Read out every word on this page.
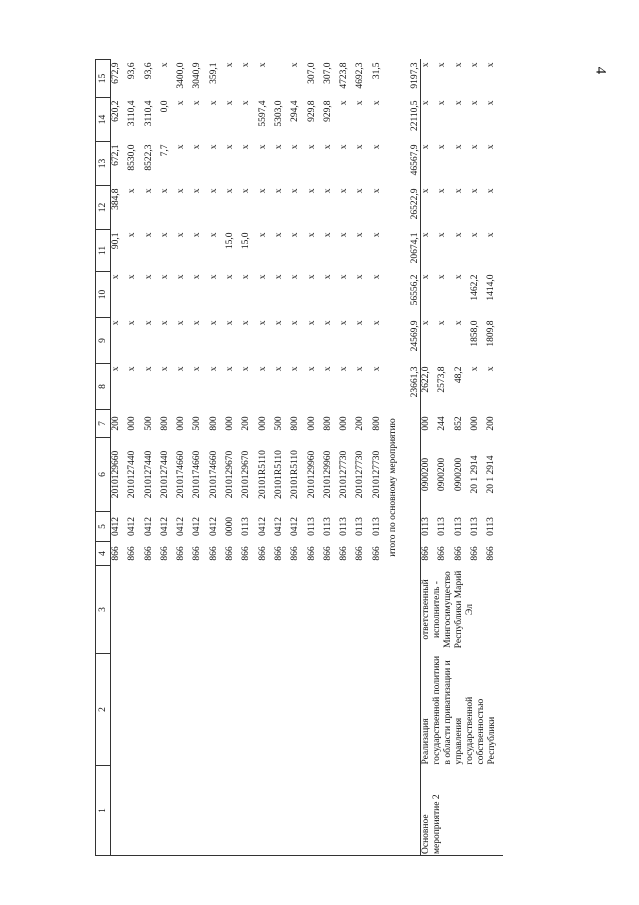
4
1	2	3	4	5	6	7	8	9	10	11	12	13	14	15
			866	0412	2010129660	200	x	x	x	90,1	384,8	672,1	620,2	672,9
			866	0412	2010127440	000	x	x	x	x	x	8530,0	3110,4	93,6
			866	0412	2010127440	500	x	x	x	x	x	8522,3	3110,4	93,6
			866	0412	2010127440	800	x	x	x	x	x	7,7	0,0	x
			866	0412	2010174660	000	x	x	x	x	x	x	x	3400,0
			866	0412	2010174660	500	x	x	x	x	x	x	x	3040,9
			866	0412	2010174660	800	x	x	x	x	x	x	x	359,1
			866	0000	2010129670	000	x	x	x	15,0	x	x	x	x
			866	0113	2010129670	200	x	x	x	15,0	x	x	x	x
			866	0412	20101R5110	000	x	x	x	x	x	x	5597,4	x
			866	0412	20101R5110	500	x	x	x	x	x	x	5303,0	
			866	0412	20101R5110	800	x	x	x	x	x	x	294,4	x
			866	0113	2010129960	000	x	x	x	x	x	x	929,8	307,0
			866	0113	2010129960	800	x	x	x	x	x	x	929,8	307,0
			866	0113	2010127730	000	x	x	x	x	x	x	x	4723,8
			866	0113	2010127730	200	x	x	x	x	x	x	x	4692,3
			866	0113	2010127730	800	x	x	x	x	x	x	x	31,5
			итого по основному мероприятию				23661,3	24569,9	56556,2	20674,1	26522,9	46567,9	22110,5	9197,3
Основное мероприятие 2	Реализация государственной политики в области приватизации и управления государственной собственностью Республики	ответственный исполнитель - Мингосимущество Республики Марий Эл	866	0113	0900200	000	2622,0	x	x	x	x	x	x	x
			866	0113	0900200	244	2573,8	x	x	x	x	x	x	x
			866	0113	0900200	852	48,2	x	x	x	x	x	x	x
			866	0113	20 1 2914	000	x	1858,0	1462,2	x	x	x	x	x
			866	0113	20 1 2914	200	x	1809,8	1414,0	x	x	x	x	x
